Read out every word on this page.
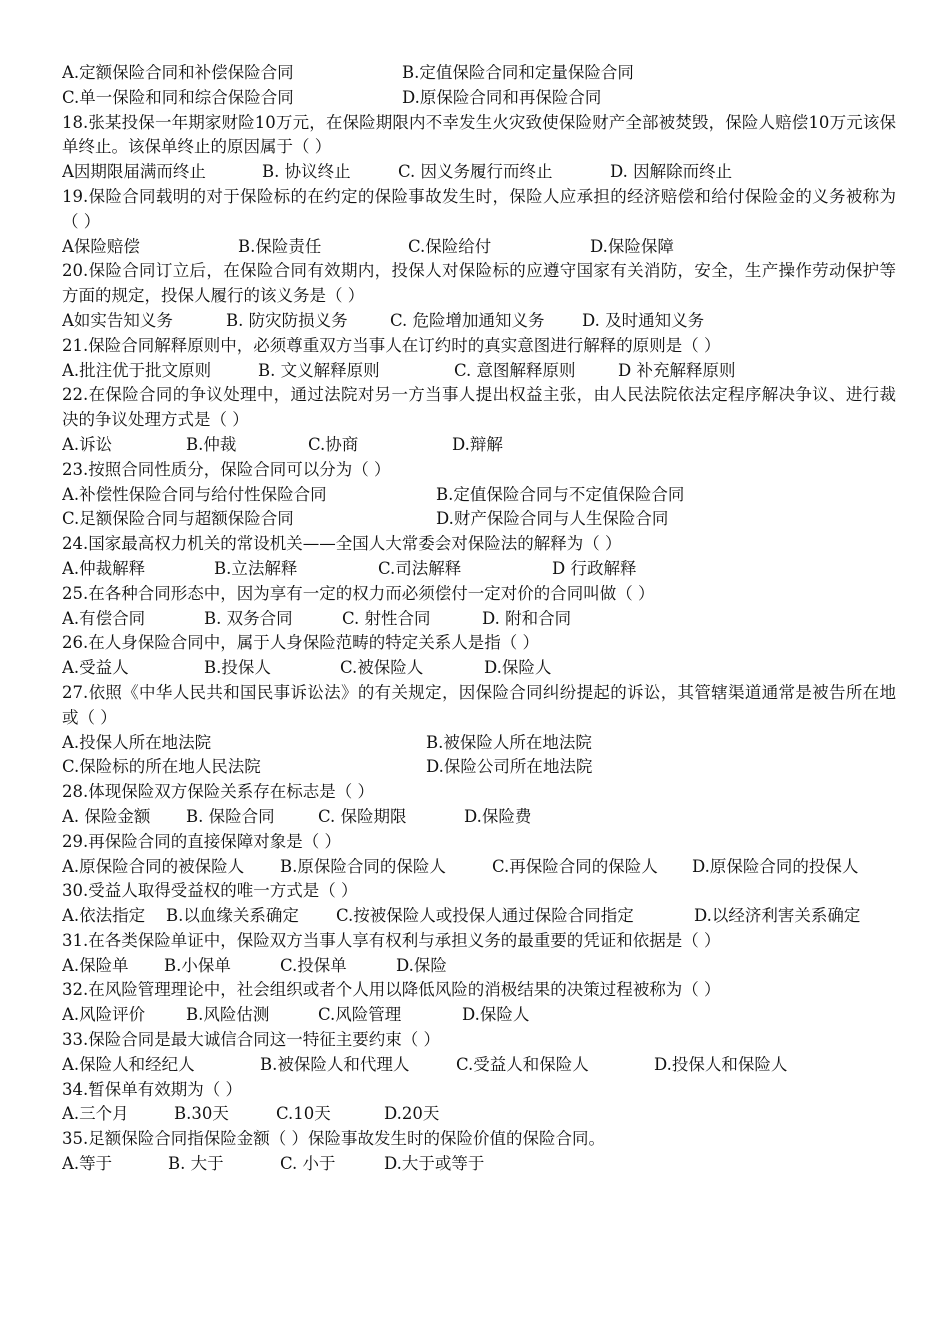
A.定额保险合同和补偿保险合同	B.定值保险合同和定量保险合同
C.单一保险和同和综合保险合同	D.原保险合同和再保险合同
18.张某投保一年期家财险10万元，在保险期限内不幸发生火灾致使保险财产全部被焚毁，保险人赔偿10万元该保单终止。该保单终止的原因属于（ ）
A因期限届满而终止	B. 协议终止	C. 因义务履行而终止	D. 因解除而终止
19.保险合同载明的对于保险标的在约定的保险事故发生时，保险人应承担的经济赔偿和给付保险金的义务被称为（ ）
A保险赔偿	B.保险责任	C.保险给付	D.保险保障
20.保险合同订立后，在保险合同有效期内，投保人对保险标的应遵守国家有关消防，安全，生产操作劳动保护等方面的规定，投保人履行的该义务是（ ）
A如实告知义务	B. 防灾防损义务	C. 危险增加通知义务	D. 及时通知义务
21.保险合同解释原则中，必须尊重双方当事人在订约时的真实意图进行解释的原则是（ ）
A.批注优于批文原则	B. 文义解释原则	C. 意图解释原则	D 补充解释原则
22.在保险合同的争议处理中，通过法院对另一方当事人提出权益主张，由人民法院依法定程序解决争议、进行裁决的争议处理方式是（ ）
A.诉讼	B.仲裁	C.协商	D.辩解
23.按照合同性质分，保险合同可以分为（ ）
A.补偿性保险合同与给付性保险合同	B.定值保险合同与不定值保险合同
C.足额保险合同与超额保险合同	D.财产保险合同与人生保险合同
24.国家最高权力机关的常设机关——全国人大常委会对保险法的解释为（ ）
A.仲裁解释	B.立法解释	C.司法解释	D 行政解释
25.在各种合同形态中，因为享有一定的权力而必须偿付一定对价的合同叫做（ ）
A.有偿合同	B. 双务合同	C. 射性合同	D. 附和合同
26.在人身保险合同中，属于人身保险范畴的特定关系人是指（ ）
A.受益人	B.投保人	C.被保险人	D.保险人
27.依照《中华人民共和国民事诉讼法》的有关规定，因保险合同纠纷提起的诉讼，其管辖渠道通常是被告所在地或（ ）
A.投保人所在地法院	B.被保险人所在地法院
C.保险标的所在地人民法院	D.保险公司所在地法院
28.体现保险双方保险关系存在标志是（ ）
A. 保险金额	B. 保险合同	C. 保险期限	D.保险费
29.再保险合同的直接保障对象是（ ）
A.原保险合同的被保险人	B.原保险合同的保险人	C.再保险合同的保险人	D.原保险合同的投保人
30.受益人取得受益权的唯一方式是（ ）
A.依法指定	B.以血缘关系确定	C.按被保险人或投保人通过保险合同指定	D.以经济利害关系确定
31.在各类保险单证中，保险双方当事人享有权利与承担义务的最重要的凭证和依据是（ ）
A.保险单	B.小保单	C.投保单	D.保险
32.在风险管理理论中，社会组织或者个人用以降低风险的消极结果的决策过程被称为（ ）
A.风险评价	B.风险估测	C.风险管理	D.保险人
33.保险合同是最大诚信合同这一特征主要约束（ ）
A.保险人和经纪人	B.被保险人和代理人	C.受益人和保险人	D.投保人和保险人
34.暂保单有效期为（ ）
A.三个月	B.30天	C.10天	D.20天
35.足额保险合同指保险金额（ ）保险事故发生时的保险价值的保险合同。
A.等于	B. 大于	C. 小于	D.大于或等于
